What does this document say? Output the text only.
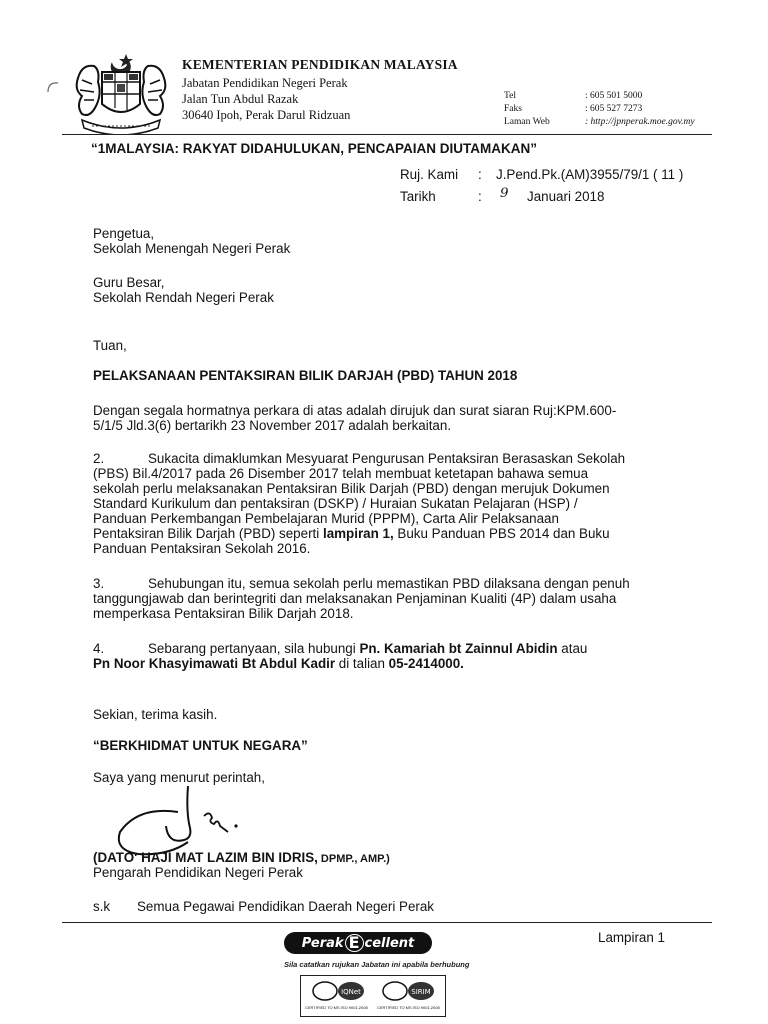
KEMENTERIAN PENDIDIKAN MALAYSIA
Jabatan Pendidikan Negeri Perak
Jalan Tun Abdul Razak
30640 Ipoh, Perak Darul Ridzuan
Tel	: 605 501 5000
Faks	: 605 527 7273
Laman Web	: http://jpnperak.moe.gov.my
“1MALAYSIA: RAKYAT DIDAHULUKAN, PENCAPAIAN DIUTAMAKAN”
Ruj. Kami : J.Pend.Pk.(AM)3955/79/1 ( 11 )
Tarikh	: 9 Januari 2018
Pengetua,
Sekolah Menengah Negeri Perak
Guru Besar,
Sekolah Rendah Negeri Perak
Tuan,
PELAKSANAAN PENTAKSIRAN BILIK DARJAH (PBD) TAHUN 2018
Dengan segala hormatnya perkara di atas adalah dirujuk dan surat siaran Ruj:KPM.600-
5/1/5 Jld.3(6) bertarikh 23 November 2017 adalah berkaitan.
2.	Sukacita dimaklumkan Mesyuarat Pengurusan Pentaksiran Berasaskan Sekolah
(PBS) Bil.4/2017 pada 26 Disember 2017 telah membuat ketetapan bahawa semua
sekolah perlu melaksanakan Pentaksiran Bilik Darjah (PBD) dengan merujuk Dokumen
Standard Kurikulum dan pentaksiran (DSKP) / Huraian Sukatan Pelajaran (HSP) /
Panduan Perkembangan Pembelajaran Murid (PPPM), Carta Alir Pelaksanaan
Pentaksiran Bilik Darjah (PBD) seperti lampiran 1, Buku Panduan PBS 2014 dan Buku
Panduan Pentaksiran Sekolah 2016.
3.	Sehubungan itu, semua sekolah perlu memastikan PBD dilaksana dengan penuh
tanggungjawab dan berintegriti dan melaksanakan Penjaminan Kualiti (4P) dalam usaha
memperkasa Pentaksiran Bilik Darjah 2018.
4.	Sebarang pertanyaan, sila hubungi Pn. Kamariah bt Zainnul Abidin atau
Pn Noor Khasyimawati Bt Abdul Kadir di talian 05-2414000.
Sekian, terima kasih.
“BERKHIDMAT UNTUK NEGARA”
Saya yang menurut perintah,
(DATO' HAJI MAT LAZIM BIN IDRIS, DPMP., AMP.)
Pengarah Pendidikan Negeri Perak
s.k Semua Pegawai Pendidikan Daerah Negeri Perak
Perak E cellent	Lampiran 1
Sila catatkan rujukan Jabatan ini apabila berhubung
IQNet	SIRIM
CERTIFIED TO MS ISO 9001:2008 CERTIFIED TO MS ISO 9001:2008
